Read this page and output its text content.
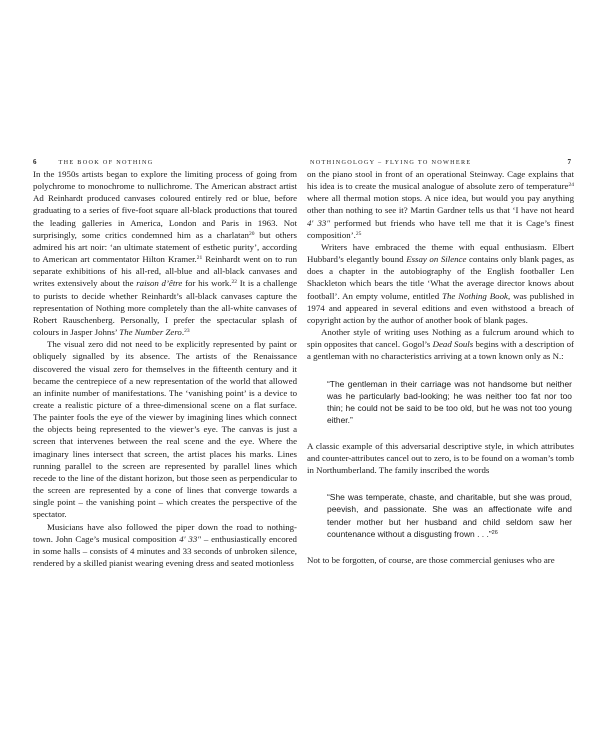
6	THE BOOK OF NOTHING

In the 1950s artists began to explore the limiting process of going from polychrome to monochrome to nullichrome. The American abstract artist Ad Reinhardt produced canvases coloured entirely red or blue, before graduating to a series of five-foot square all-black productions that toured the leading galleries in America, London and Paris in 1963. Not surprisingly, some critics condemned him as a charlatan$^{20}$ but others admired his art noir: ‘an ultimate statement of esthetic purity’, according to American art commentator Hilton Kramer.$^{21}$ Reinhardt went on to run separate exhibitions of his all-red, all-blue and all-black canvases and writes extensively about the raison d’être for his work.$^{22}$ It is a challenge to purists to decide whether Reinhardt’s all-black canvases capture the representation of Nothing more completely than the all-white canvases of Robert Rauschenberg. Personally, I prefer the spectacular splash of colours in Jasper Johns’ The Number Zero.$^{23}$

The visual zero did not need to be explicitly represented by paint or obliquely signalled by its absence. The artists of the Renaissance discovered the visual zero for themselves in the fifteenth century and it became the centrepiece of a new representation of the world that allowed an infinite number of manifestations. The ‘vanishing point’ is a device to create a realistic picture of a three-dimensional scene on a flat surface. The painter fools the eye of the viewer by imagining lines which connect the objects being represented to the viewer’s eye. The canvas is just a screen that intervenes between the real scene and the eye. Where the imaginary lines intersect that screen, the artist places his marks. Lines running parallel to the screen are represented by parallel lines which recede to the line of the distant horizon, but those seen as perpendicular to the screen are represented by a cone of lines that converge towards a single point – the vanishing point – which creates the perspective of the spectator.

Musicians have also followed the piper down the road to nothing-town. John Cage’s musical composition 4′ 33″ – enthusiastically encored in some halls – consists of 4 minutes and 33 seconds of unbroken silence, rendered by a skilled pianist wearing evening dress and seated motionless

NOTHINGOLOGY – FLYING TO NOWHERE	7

on the piano stool in front of an operational Steinway. Cage explains that his idea is to create the musical analogue of absolute zero of temperature$^{24}$ where all thermal motion stops. A nice idea, but would you pay anything other than nothing to see it? Martin Gardner tells us that ‘I have not heard 4′ 33″ performed but friends who have tell me that it is Cage’s finest composition’.$^{25}$

Writers have embraced the theme with equal enthusiasm. Elbert Hubbard’s elegantly bound Essay on Silence contains only blank pages, as does a chapter in the autobiography of the English footballer Len Shackleton which bears the title ‘What the average director knows about football’. An empty volume, entitled The Nothing Book, was published in 1974 and appeared in several editions and even withstood a breach of copyright action by the author of another book of blank pages.

Another style of writing uses Nothing as a fulcrum around which to spin opposites that cancel. Gogol’s Dead Souls begins with a description of a gentleman with no characteristics arriving at a town known only as N.:

“The gentleman in their carriage was not handsome but neither was he particularly bad-looking; he was neither too fat nor too thin; he could not be said to be too old, but he was not too young either.”

A classic example of this adversarial descriptive style, in which attributes and counter-attributes cancel out to zero, is to be found on a woman’s tomb in Northumberland. The family inscribed the words

“She was temperate, chaste, and charitable, but she was proud, peevish, and passionate. She was an affectionate wife and tender mother but her husband and child seldom saw her countenance without a disgusting frown . . .”$^{26}$

Not to be forgotten, of course, are those commercial geniuses who are
